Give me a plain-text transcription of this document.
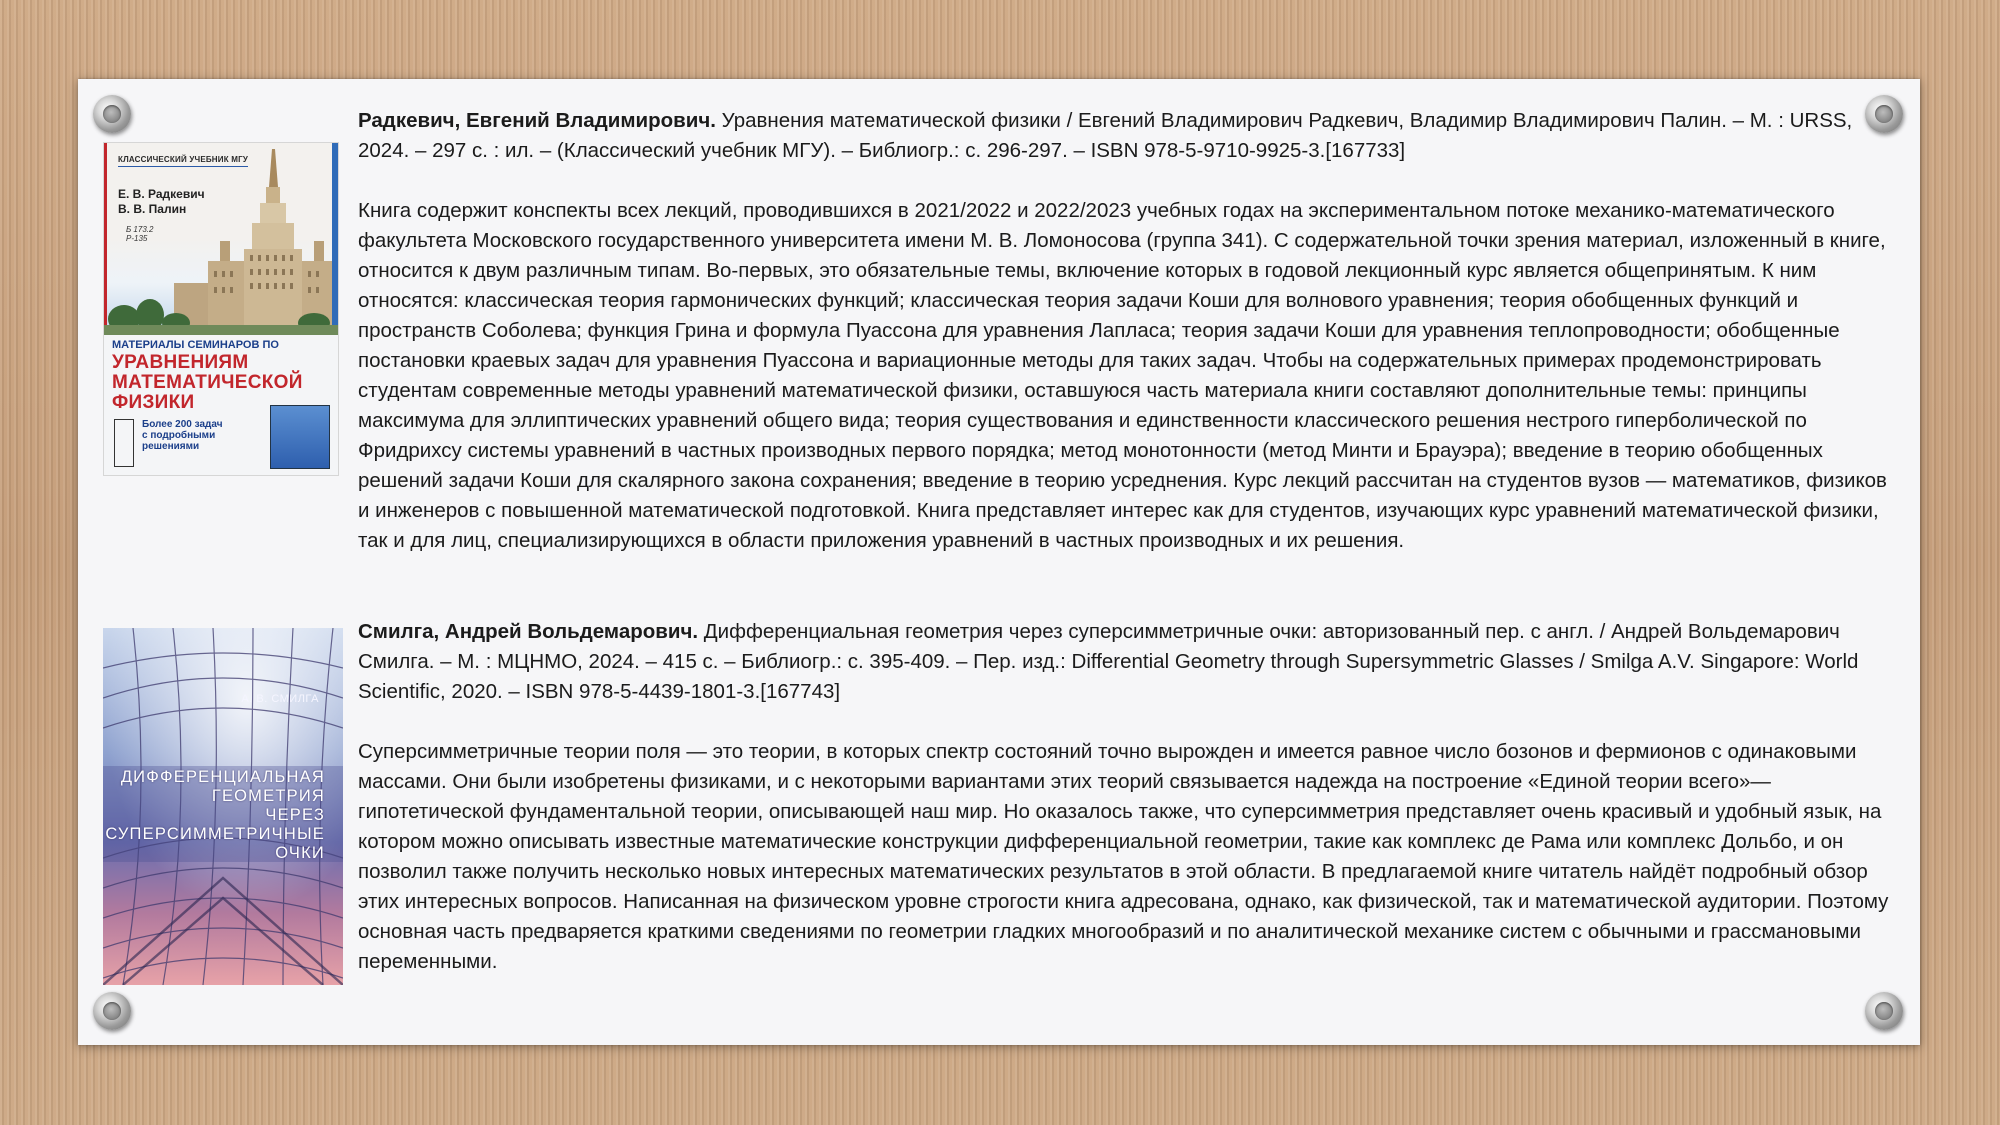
КЛАССИЧЕСКИЙ УЧЕБНИК МГУ
Е. В. Радкевич
В. В. Палин
Б 173.2
Р-135
МАТЕРИАЛЫ СЕМИНАРОВ ПО
УРАВНЕНИЯМ
МАТЕМАТИЧЕСКОЙ
ФИЗИКИ
Более 200 задач
с подробными
решениями

Радкевич, Евгений Владимирович. Уравнения математической физики / Евгений Владимирович Радкевич, Владимир Владимирович Палин. – М. : URSS, 2024. – 297 с. : ил. – (Классический учебник МГУ). – Библиогр.: с. 296-297. – ISBN 978-5-9710-9925-3.[167733]

Книга содержит конспекты всех лекций, проводившихся в 2021/2022 и 2022/2023 учебных годах на экспериментальном потоке механико-математического факультета Московского государственного университета имени М. В. Ломоносова (группа 341). С содержательной точки зрения материал, изложенный в книге, относится к двум различным типам. Во-первых, это обязательные темы, включение которых в годовой лекционный курс является общепринятым. К ним относятся: классическая теория гармонических функций; классическая теория задачи Коши для волнового уравнения; теория обобщенных функций и пространств Соболева; функция Грина и формула Пуассона для уравнения Лапласа; теория задачи Коши для уравнения теплопроводности; обобщенные постановки краевых задач для уравнения Пуассона и вариационные методы для таких задач. Чтобы на содержательных примерах продемонстрировать студентам современные методы уравнений математической физики, оставшуюся часть материала книги составляют дополнительные темы: принципы максимума для эллиптических уравнений общего вида; теория существования и единственности классического решения нестрого гиперболической по Фридрихсу системы уравнений в частных производных первого порядка; метод монотонности (метод Минти и Брауэра); введение в теорию обобщенных решений задачи Коши для скалярного закона сохранения; введение в теорию усреднения. Курс лекций рассчитан на студентов вузов — математиков, физиков и инженеров с повышенной математической подготовкой. Книга представляет интерес как для студентов, изучающих курс уравнений математической физики, так и для лиц, специализирующихся в области приложения уравнений в частных производных и их решения.

А. В. СМИЛГА
ДИФФЕРЕНЦИАЛЬНАЯ
ГЕОМЕТРИЯ
ЧЕРЕЗ
СУПЕРСИММЕТРИЧНЫЕ
ОЧКИ

Смилга, Андрей Вольдемарович. Дифференциальная геометрия через суперсимметричные очки: авторизованный пер. с англ. / Андрей Вольдемарович Смилга. – М. : МЦНМО, 2024. – 415 с. – Библиогр.: с. 395-409. – Пер. изд.: Differential Geometry through Supersymmetric Glasses / Smilga A.V. Singapore: World Scientific, 2020. – ISBN 978-5-4439-1801-3.[167743]

Суперсимметричные теории поля — это теории, в которых спектр состояний точно вырожден и имеется равное число бозонов и фермионов с одинаковыми массами. Они были изобретены физиками, и с некоторыми вариантами этих теорий связывается надежда на построение «Единой теории всего»— гипотетической фундаментальной теории, описывающей наш мир. Но оказалось также, что суперсимметрия представляет очень красивый и удобный язык, на котором можно описывать известные математические конструкции дифференциальной геометрии, такие как комплекс де Рама или комплекс Дольбо, и он позволил также получить несколько новых интересных математических результатов в этой области. В предлагаемой книге читатель найдёт подробный обзор этих интересных вопросов. Написанная на физическом уровне строгости книга адресована, однако, как физической, так и математической аудитории. Поэтому основная часть предваряется краткими сведениями по геометрии гладких многообразий и по аналитической механике систем с обычными и грассмановыми переменными.
